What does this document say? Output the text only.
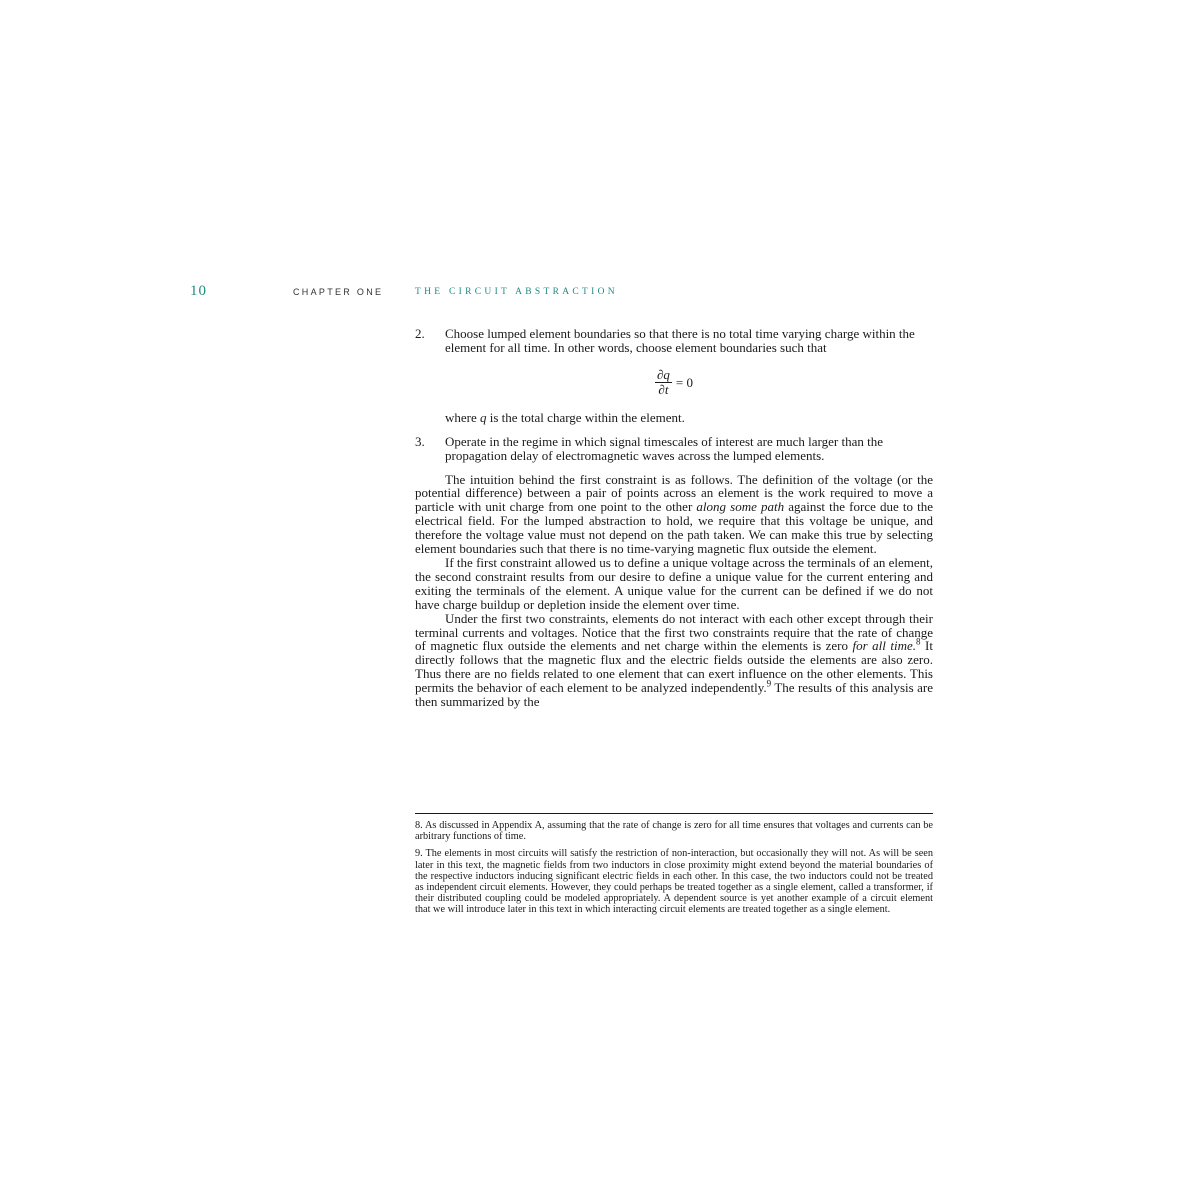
10	CHAPTER ONE	THE CIRCUIT ABSTRACTION
2. Choose lumped element boundaries so that there is no total time varying charge within the element for all time. In other words, choose element boundaries such that
$\frac{\partial q}{\partial t} = 0$
where q is the total charge within the element.
3. Operate in the regime in which signal timescales of interest are much larger than the propagation delay of electromagnetic waves across the lumped elements.

The intuition behind the first constraint is as follows. The definition of the voltage (or the potential difference) between a pair of points across an element is the work required to move a particle with unit charge from one point to the other along some path against the force due to the electrical field. For the lumped abstraction to hold, we require that this voltage be unique, and therefore the voltage value must not depend on the path taken. We can make this true by selecting element boundaries such that there is no time-varying magnetic flux outside the element.

If the first constraint allowed us to define a unique voltage across the terminals of an element, the second constraint results from our desire to define a unique value for the current entering and exiting the terminals of the element. A unique value for the current can be defined if we do not have charge buildup or depletion inside the element over time.

Under the first two constraints, elements do not interact with each other except through their terminal currents and voltages. Notice that the first two constraints require that the rate of change of magnetic flux outside the elements and net charge within the elements is zero for all time.$^8$ It directly follows that the magnetic flux and the electric fields outside the elements are also zero. Thus there are no fields related to one element that can exert influence on the other elements. This permits the behavior of each element to be analyzed independently.$^9$ The results of this analysis are then summarized by the

8. As discussed in Appendix A, assuming that the rate of change is zero for all time ensures that voltages and currents can be arbitrary functions of time.

9. The elements in most circuits will satisfy the restriction of non-interaction, but occasionally they will not. As will be seen later in this text, the magnetic fields from two inductors in close proximity might extend beyond the material boundaries of the respective inductors inducing significant electric fields in each other. In this case, the two inductors could not be treated as independent circuit elements. However, they could perhaps be treated together as a single element, called a transformer, if their distributed coupling could be modeled appropriately. A dependent source is yet another example of a circuit element that we will introduce later in this text in which interacting circuit elements are treated together as a single element.
